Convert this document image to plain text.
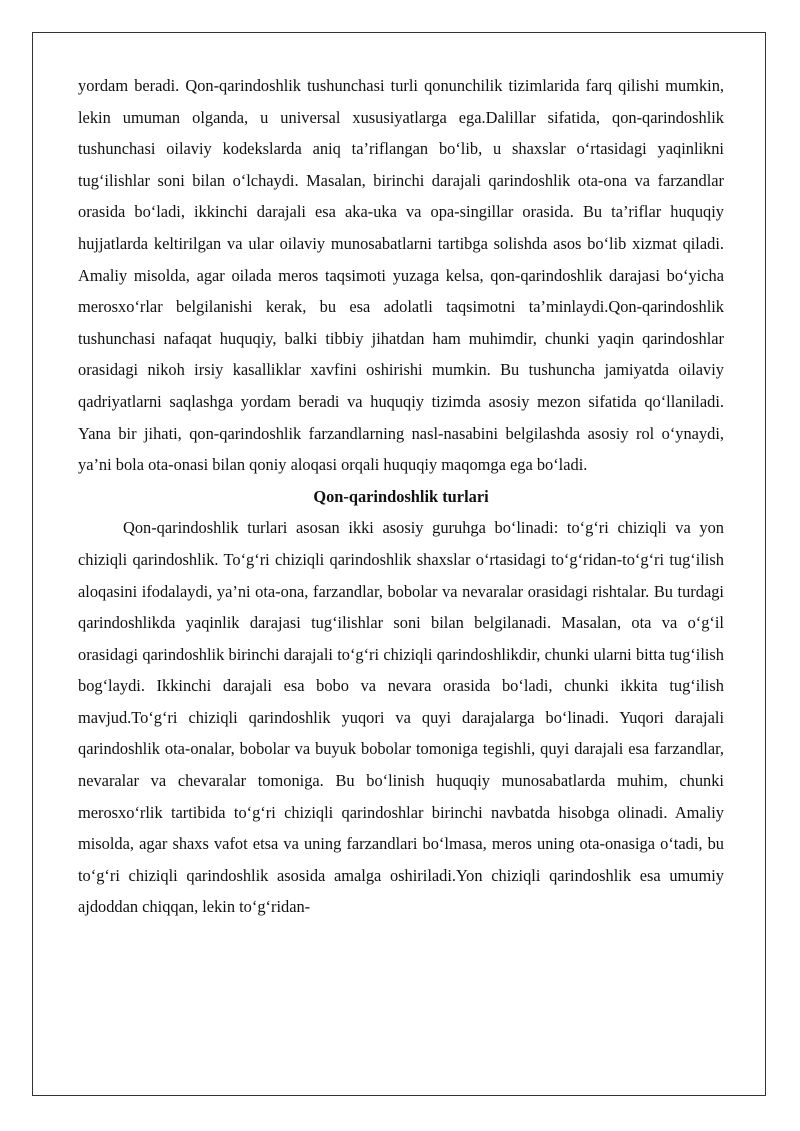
yordam beradi. Qon-qarindoshlik tushunchasi turli qonunchilik tizimlarida farq qilishi mumkin, lekin umuman olganda, u universal xususiyatlarga ega.Dalillar sifatida, qon-qarindoshlik tushunchasi oilaviy kodekslarda aniq ta’riflangan bo‘lib, u shaxslar o‘rtasidagi yaqinlikni tug‘ilishlar soni bilan o‘lchaydi. Masalan, birinchi darajali qarindoshlik ota-ona va farzandlar orasida bo‘ladi, ikkinchi darajali esa aka-uka va opa-singillar orasida. Bu ta’riflar huquqiy hujjatlarda keltirilgan va ular oilaviy munosabatlarni tartibga solishda asos bo‘lib xizmat qiladi. Amaliy misolda, agar oilada meros taqsimoti yuzaga kelsa, qon-qarindoshlik darajasi bo‘yicha merosxo‘rlar belgilanishi kerak, bu esa adolatli taqsimotni ta’minlaydi.Qon-qarindoshlik tushunchasi nafaqat huquqiy, balki tibbiy jihatdan ham muhimdir, chunki yaqin qarindoshlar orasidagi nikoh irsiy kasalliklar xavfini oshirishi mumkin. Bu tushuncha jamiyatda oilaviy qadriyatlarni saqlashga yordam beradi va huquqiy tizimda asosiy mezon sifatida qo‘llaniladi. Yana bir jihati, qon-qarindoshlik farzandlarning nasl-nasabini belgilashda asosiy rol o‘ynaydi, ya’ni bola ota-onasi bilan qoniy aloqasi orqali huquqiy maqomga ega bo‘ladi.

Qon-qarindoshlik turlari

Qon-qarindoshlik turlari asosan ikki asosiy guruhga bo‘linadi: to‘g‘ri chiziqli va yon chiziqli qarindoshlik. To‘g‘ri chiziqli qarindoshlik shaxslar o‘rtasidagi to‘g‘ridan-to‘g‘ri tug‘ilish aloqasini ifodalaydi, ya’ni ota-ona, farzandlar, bobolar va nevaralar orasidagi rishtalar. Bu turdagi qarindoshlikda yaqinlik darajasi tug‘ilishlar soni bilan belgilanadi. Masalan, ota va o‘g‘il orasidagi qarindoshlik birinchi darajali to‘g‘ri chiziqli qarindoshlikdir, chunki ularni bitta tug‘ilish bog‘laydi. Ikkinchi darajali esa bobo va nevara orasida bo‘ladi, chunki ikkita tug‘ilish mavjud.To‘g‘ri chiziqli qarindoshlik yuqori va quyi darajalarga bo‘linadi. Yuqori darajali qarindoshlik ota-onalar, bobolar va buyuk bobolar tomoniga tegishli, quyi darajali esa farzandlar, nevaralar va chevaralar tomoniga. Bu bo‘linish huquqiy munosabatlarda muhim, chunki merosxo‘rlik tartibida to‘g‘ri chiziqli qarindoshlar birinchi navbatda hisobga olinadi. Amaliy misolda, agar shaxs vafot etsa va uning farzandlari bo‘lmasa, meros uning ota-onasiga o‘tadi, bu to‘g‘ri chiziqli qarindoshlik asosida amalga oshiriladi.Yon chiziqli qarindoshlik esa umumiy ajdoddan chiqqan, lekin to‘g‘ridan-
